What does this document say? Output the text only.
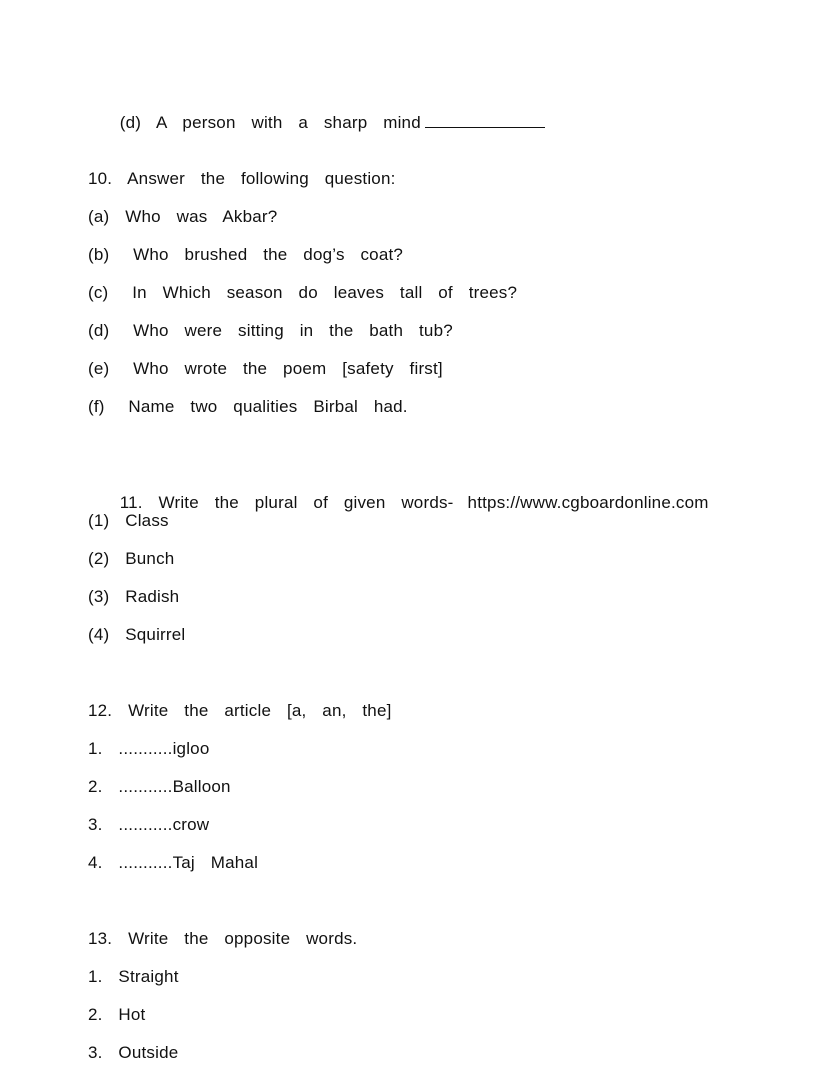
(d)  A  person  with  a  sharp  mind

10.  Answer  the  following  question:
(a)  Who  was  Akbar?
(b)   Who  brushed  the  dog’s  coat?
(c)   In  Which  season  do  leaves  tall  of  trees?
(d)   Who  were  sitting  in  the  bath  tub?
(e)   Who  wrote  the  poem  [safety  first]
(f)   Name  two  qualities  Birbal  had.

11.  Write  the  plural  of  given  words- https://www.cgboardonline.com

(1)  Class
(2)  Bunch
(3)  Radish
(4)  Squirrel
12.  Write  the  article  [a,  an,  the]
1.  ...........igloo
2.  ...........Balloon
3.  ...........crow
4.  ...........Taj  Mahal
13.  Write  the  opposite  words.
1.  Straight
2.  Hot
3.  Outside
